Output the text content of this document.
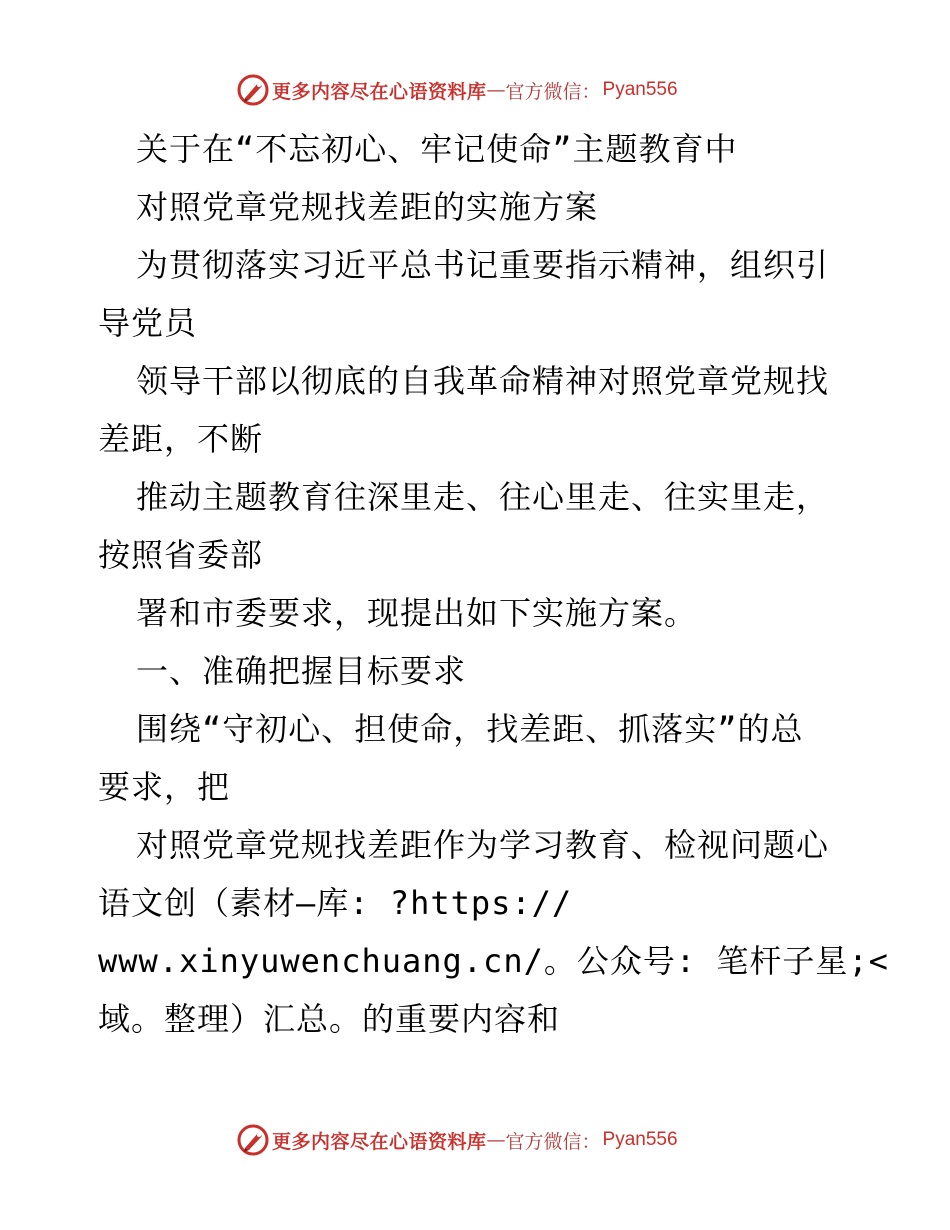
更多内容尽在心语资料库 — 官方微信： Pyan556
关于在“不忘初心、牢记使命”主题教育中
对照党章党规找差距的实施方案
为贯彻落实习近平总书记重要指示精神，组织引
导党员
领导干部以彻底的自我革命精神对照党章党规找
差距，不断
推动主题教育往深里走、往心里走、往实里走，
按照省委部
署和市委要求，现提出如下实施方案。
一、准确把握目标要求
围绕“守初心、担使命，找差距、抓落实”的总
要求，把
对照党章党规找差距作为学习教育、检视问题心
语文创（素材—库: ?https://
www.xinyuwenchuang.cn/。公众号: 笔杆子星;<
域。整理）汇总。的重要内容和
更多内容尽在心语资料库 — 官方微信： Pyan556
